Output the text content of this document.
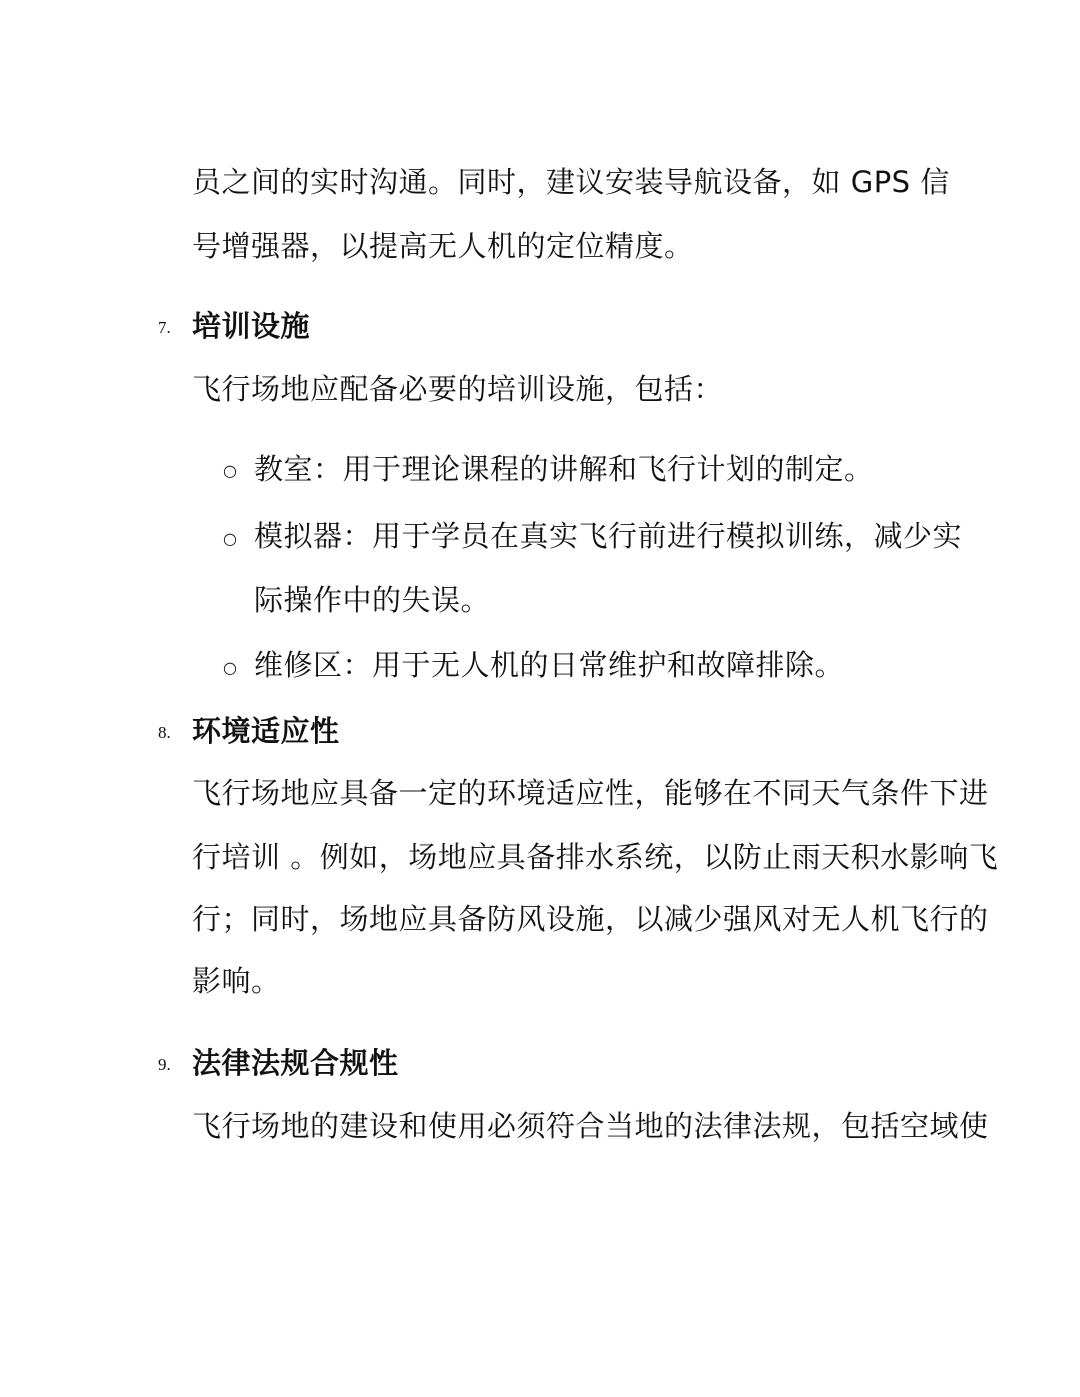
员之间的实时沟通。同时，建议安装导航设备，如 GPS 信
号增强器，以提高无人机的定位精度。
7. 培训设施
飞行场地应配备必要的培训设施，包括：
○ 教室：用于理论课程的讲解和飞行计划的制定。
○ 模拟器：用于学员在真实飞行前进行模拟训练，减少实
际操作中的失误。
○ 维修区：用于无人机的日常维护和故障排除。
8. 环境适应性
飞行场地应具备一定的环境适应性，能够在不同天气条件下进
行培训 。例如，场地应具备排水系统，以防止雨天积水影响飞
行；同时，场地应具备防风设施，以减少强风对无人机飞行的
影响。
9. 法律法规合规性
飞行场地的建设和使用必须符合当地的法律法规，包括空域使
